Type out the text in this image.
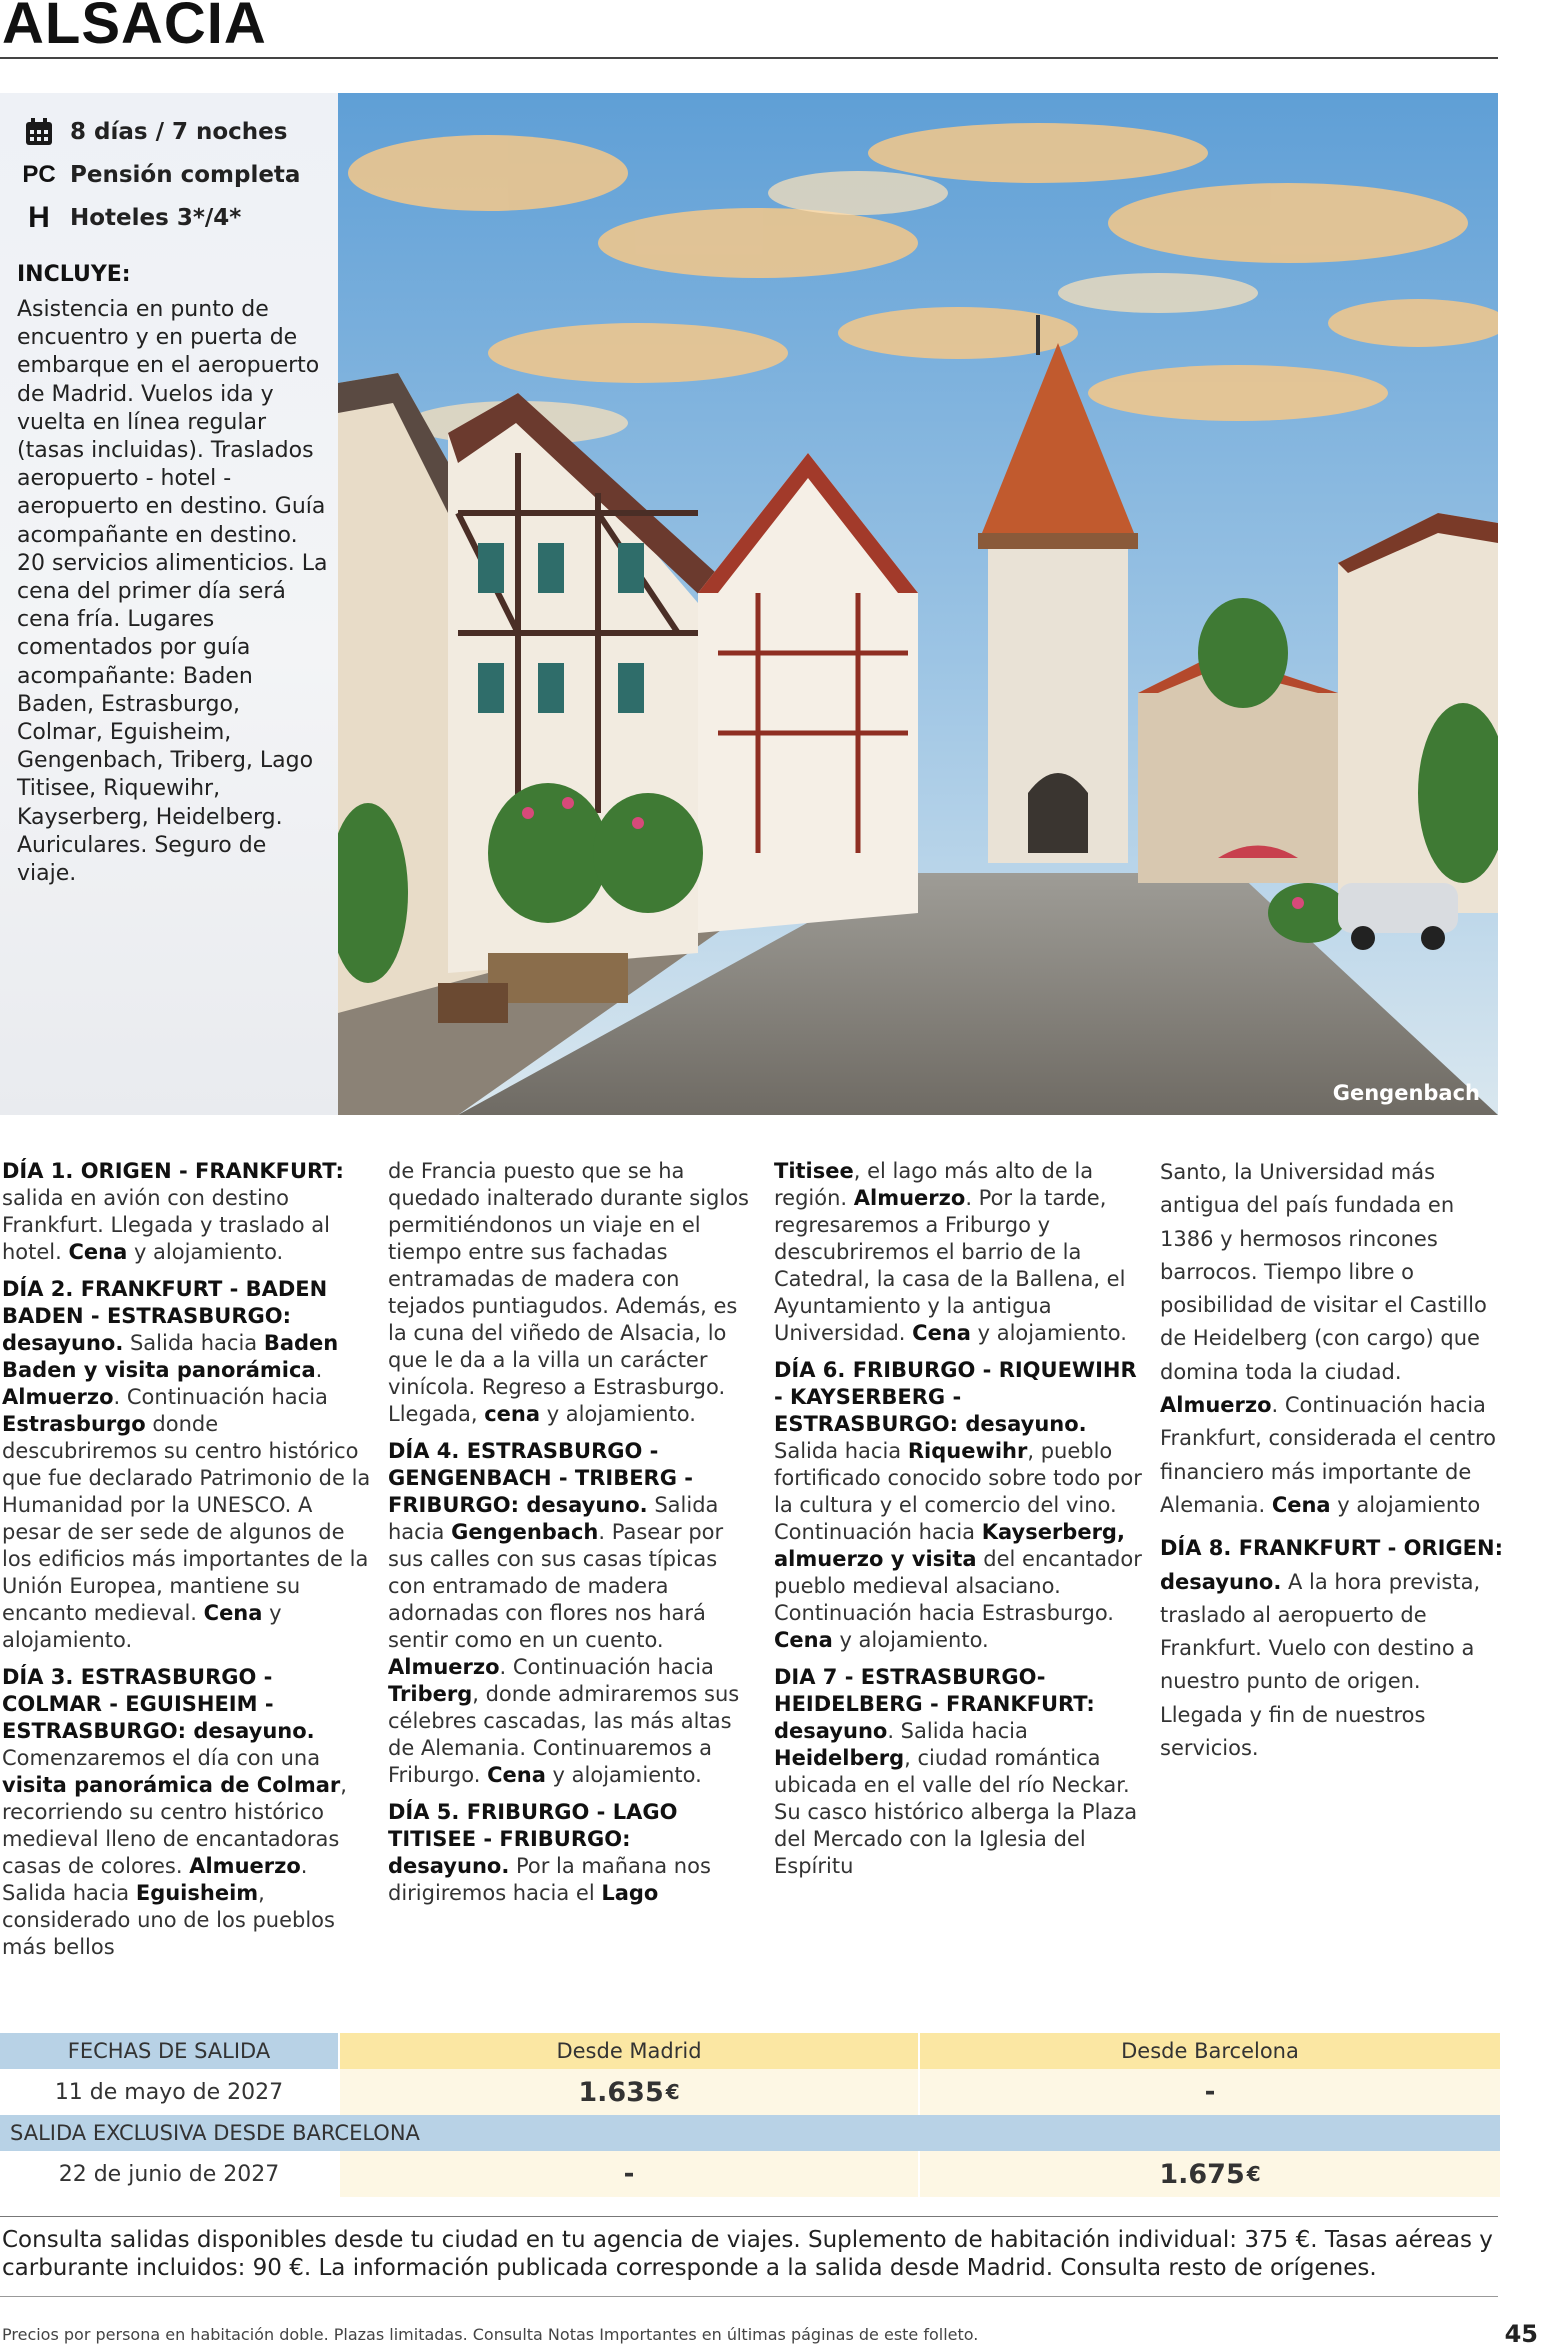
ALSACIA
8 días / 7 noches
PC Pensión completa
H Hoteles 3*/4*
INCLUYE:
Asistencia en punto de encuentro y en puerta de embarque en el aeropuerto de Madrid. Vuelos ida y vuelta en línea regular (tasas incluidas). Traslados aeropuerto - hotel - aeropuerto en destino. Guía acompañante en destino. 20 servicios alimenticios. La cena del primer día será cena fría. Lugares comentados por guía acompañante: Baden Baden, Estrasburgo, Colmar, Eguisheim, Gengenbach, Triberg, Lago Titisee, Riquewihr, Kayserberg, Heidelberg. Auriculares. Seguro de viaje.
Gengenbach

DÍA 1. ORIGEN - FRANKFURT: salida en avión con destino Frankfurt. Llegada y traslado al hotel. Cena y alojamiento.

DÍA 2. FRANKFURT - BADEN BADEN - ESTRASBURGO: desayuno. Salida hacia Baden Baden y visita panorámica. Almuerzo. Continuación hacia Estrasburgo donde descubriremos su centro histórico que fue declarado Patrimonio de la Humanidad por la UNESCO. A pesar de ser sede de algunos de los edificios más importantes de la Unión Europea, mantiene su encanto medieval. Cena y alojamiento.

DÍA 3. ESTRASBURGO - COLMAR - EGUISHEIM - ESTRASBURGO: desayuno. Comenzaremos el día con una visita panorámica de Colmar, recorriendo su centro histórico medieval lleno de encantadoras casas de colores. Almuerzo. Salida hacia Eguisheim, considerado uno de los pueblos más bellos

de Francia puesto que se ha quedado inalterado durante siglos permitiéndonos un viaje en el tiempo entre sus fachadas entramadas de madera con tejados puntiagudos. Además, es la cuna del viñedo de Alsacia, lo que le da a la villa un carácter vinícola. Regreso a Estrasburgo. Llegada, cena y alojamiento.

DÍA 4. ESTRASBURGO - GENGENBACH - TRIBERG - FRIBURGO: desayuno. Salida hacia Gengenbach. Pasear por sus calles con sus casas típicas con entramado de madera adornadas con flores nos hará sentir como en un cuento. Almuerzo. Continuación hacia Triberg, donde admiraremos sus célebres cascadas, las más altas de Alemania. Continuaremos a Friburgo. Cena y alojamiento.

DÍA 5. FRIBURGO - LAGO TITISEE - FRIBURGO: desayuno. Por la mañana nos dirigiremos hacia el Lago

Titisee, el lago más alto de la región. Almuerzo. Por la tarde, regresaremos a Friburgo y descubriremos el barrio de la Catedral, la casa de la Ballena, el Ayuntamiento y la antigua Universidad. Cena y alojamiento.

DÍA 6. FRIBURGO - RIQUEWIHR - KAYSERBERG - ESTRASBURGO: desayuno. Salida hacia Riquewihr, pueblo fortificado conocido sobre todo por la cultura y el comercio del vino. Continuación hacia Kayserberg, almuerzo y visita del encantador pueblo medieval alsaciano. Continuación hacia Estrasburgo. Cena y alojamiento.

DIA 7 - ESTRASBURGO-HEIDELBERG - FRANKFURT: desayuno. Salida hacia Heidelberg, ciudad romántica ubicada en el valle del río Neckar. Su casco histórico alberga la Plaza del Mercado con la Iglesia del Espíritu

Santo, la Universidad más antigua del país fundada en 1386 y hermosos rincones barrocos. Tiempo libre o posibilidad de visitar el Castillo de Heidelberg (con cargo) que domina toda la ciudad. Almuerzo. Continuación hacia Frankfurt, considerada el centro financiero más importante de Alemania. Cena y alojamiento

DÍA 8. FRANKFURT - ORIGEN: desayuno. A la hora prevista, traslado al aeropuerto de Frankfurt. Vuelo con destino a nuestro punto de origen. Llegada y fin de nuestros servicios.

FECHAS DE SALIDA	Desde Madrid	Desde Barcelona
11 de mayo de 2027	1.635 €	-
SALIDA EXCLUSIVA DESDE BARCELONA
22 de junio de 2027	-	1.675 €
Consulta salidas disponibles desde tu ciudad en tu agencia de viajes. Suplemento de habitación individual: 375 €. Tasas aéreas y carburante incluidos: 90 €. La información publicada corresponde a la salida desde Madrid. Consulta resto de orígenes.
Precios por persona en habitación doble. Plazas limitadas. Consulta Notas Importantes en últimas páginas de este folleto.	45
